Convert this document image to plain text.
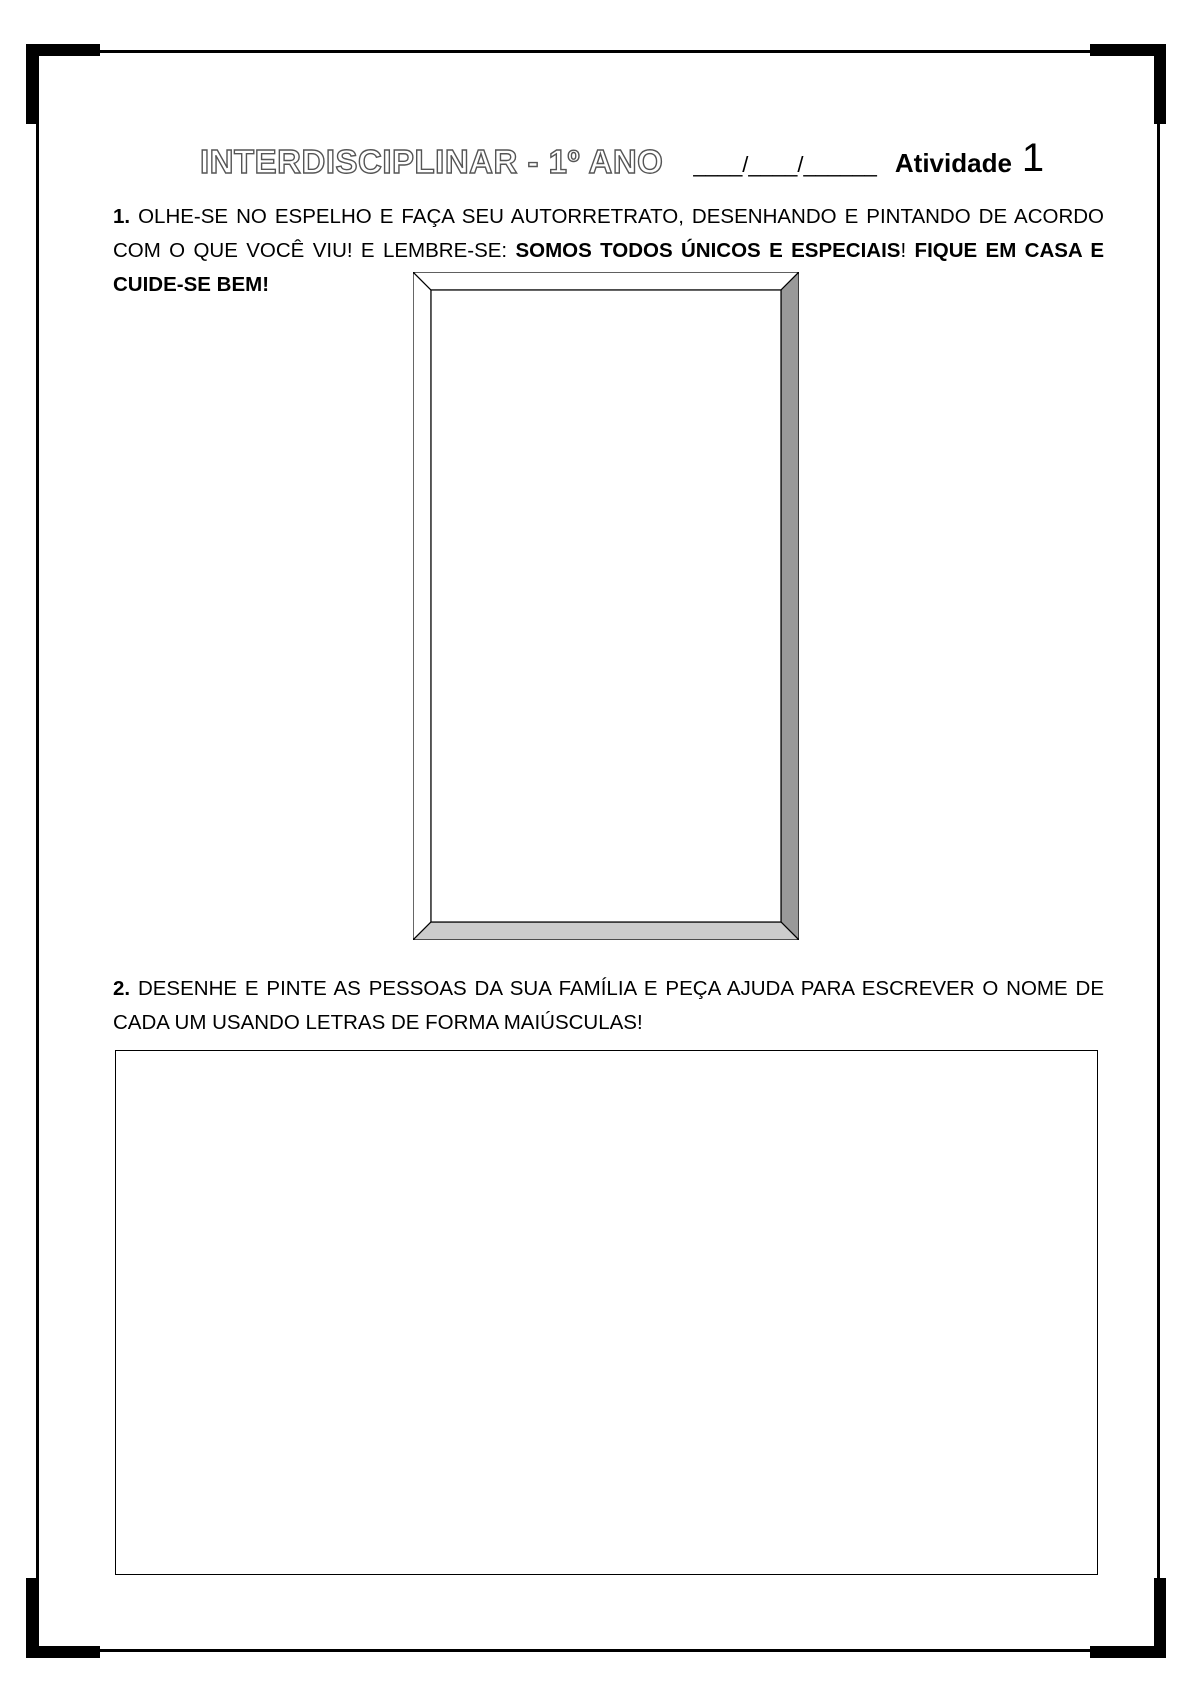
INTERDISCIPLINAR - 1º ANO ____/____/______ Atividade 1
1. OLHE-SE NO ESPELHO E FAÇA SEU AUTORRETRATO, DESENHANDO E PINTANDO DE ACORDO COM O QUE VOCÊ VIU! E LEMBRE-SE: SOMOS TODOS ÚNICOS E ESPECIAIS! FIQUE EM CASA E CUIDE-SE BEM!
2. DESENHE E PINTE AS PESSOAS DA SUA FAMÍLIA E PEÇA AJUDA PARA ESCREVER O NOME DE CADA UM USANDO LETRAS DE FORMA MAIÚSCULAS!
